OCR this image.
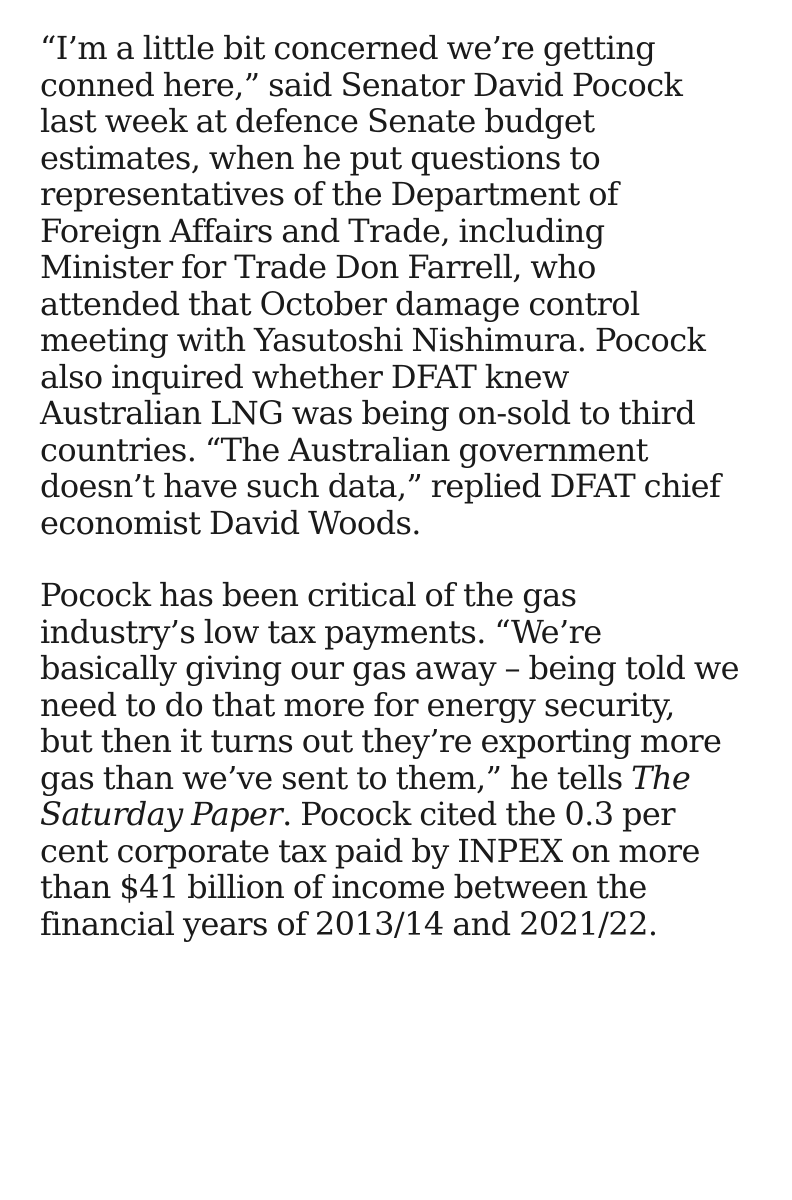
“I’m a little bit concerned we’re getting
conned here,” said Senator David Pocock
last week at defence Senate budget
estimates, when he put questions to
representatives of the Department of
Foreign Affairs and Trade, including
Minister for Trade Don Farrell, who
attended that October damage control
meeting with Yasutoshi Nishimura. Pocock
also inquired whether DFAT knew
Australian LNG was being on-sold to third
countries. “The Australian government
doesn’t have such data,” replied DFAT chief
economist David Woods.

Pocock has been critical of the gas
industry’s low tax payments. “We’re
basically giving our gas away – being told we
need to do that more for energy security,
but then it turns out they’re exporting more
gas than we’ve sent to them,” he tells The
Saturday Paper. Pocock cited the 0.3 per
cent corporate tax paid by INPEX on more
than $41 billion of income between the
financial years of 2013/14 and 2021/22.
